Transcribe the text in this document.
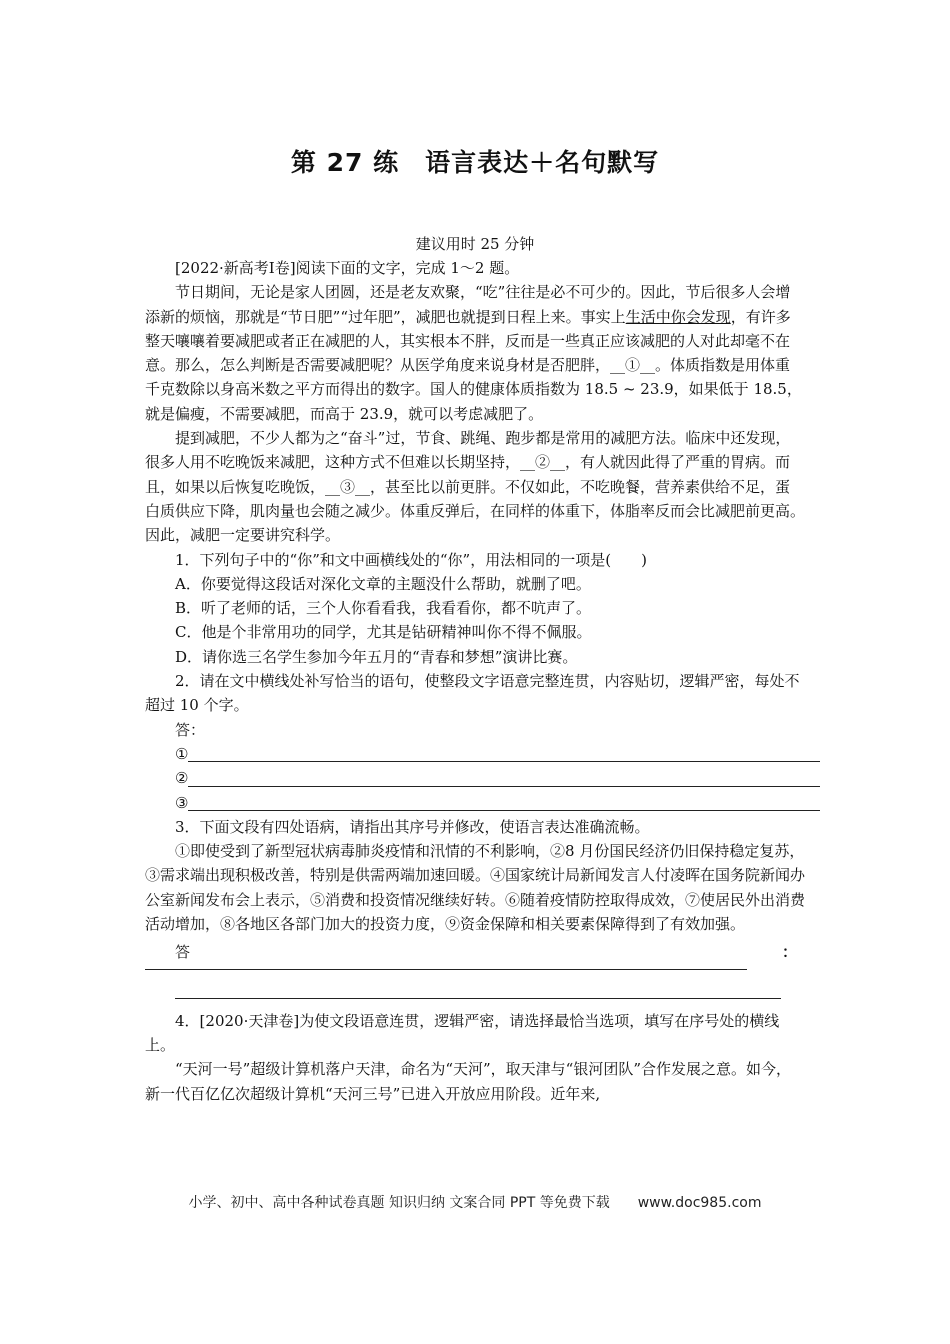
第 27 练　语言表达＋名句默写
建议用时 25 分钟

[2022·新高考Ⅰ卷]阅读下面的文字，完成 1～2 题。

节日期间，无论是家人团圆，还是老友欢聚，“吃”往往是必不可少的。因此，节后很多人会增添新的烦恼，那就是“节日肥”“过年肥”，减肥也就提到日程上来。事实上生活中你会发现，有许多整天嚷嚷着要减肥或者正在减肥的人，其实根本不胖，反而是一些真正应该减肥的人对此却毫不在意。那么，怎么判断是否需要减肥呢？从医学角度来说身材是否肥胖，__①__。体质指数是用体重千克数除以身高米数之平方而得出的数字。国人的健康体质指数为 18.5 ~ 23.9，如果低于 18.5，就是偏瘦，不需要减肥，而高于 23.9，就可以考虑减肥了。

提到减肥，不少人都为之“奋斗”过，节食、跳绳、跑步都是常用的减肥方法。临床中还发现，很多人用不吃晚饭来减肥，这种方式不但难以长期坚持，__②__，有人就因此得了严重的胃病。而且，如果以后恢复吃晚饭，__③__，甚至比以前更胖。不仅如此，不吃晚餐，营养素供给不足，蛋白质供应下降，肌肉量也会随之减少。体重反弹后，在同样的体重下，体脂率反而会比减肥前更高。因此，减肥一定要讲究科学。

1．下列句子中的“你”和文中画横线处的“你”，用法相同的一项是(　　)

A．你要觉得这段话对深化文章的主题没什么帮助，就删了吧。

B．听了老师的话，三个人你看看我，我看看你，都不吭声了。

C．他是个非常用功的同学，尤其是钻研精神叫你不得不佩服。

D．请你选三名学生参加今年五月的“青春和梦想”演讲比赛。

2．请在文中横线处补写恰当的语句，使整段文字语意完整连贯，内容贴切，逻辑严密，每处不超过 10 个字。

答：

①
②
③

3．下面文段有四处语病，请指出其序号并修改，使语言表达准确流畅。

①即使受到了新型冠状病毒肺炎疫情和汛情的不利影响，②8 月份国民经济仍旧保持稳定复苏，③需求端出现积极改善，特别是供需两端加速回暖。④国家统计局新闻发言人付凌晖在国务院新闻办公室新闻发布会上表示，⑤消费和投资情况继续好转。⑥随着疫情防控取得成效，⑦使居民外出消费活动增加，⑧各地区各部门加大的投资力度，⑨资金保障和相关要素保障得到了有效加强。

答	：

4．[2020·天津卷]为使文段语意连贯，逻辑严密，请选择最恰当选项，填写在序号处的横线上。

“天河一号”超级计算机落户天津，命名为“天河”，取天津与“银河团队”合作发展之意。如今，新一代百亿亿次超级计算机“天河三号”已进入开放应用阶段。近年来,

小学、初中、高中各种试卷真题 知识归纳 文案合同 PPT 等免费下载　　www.doc985.com
